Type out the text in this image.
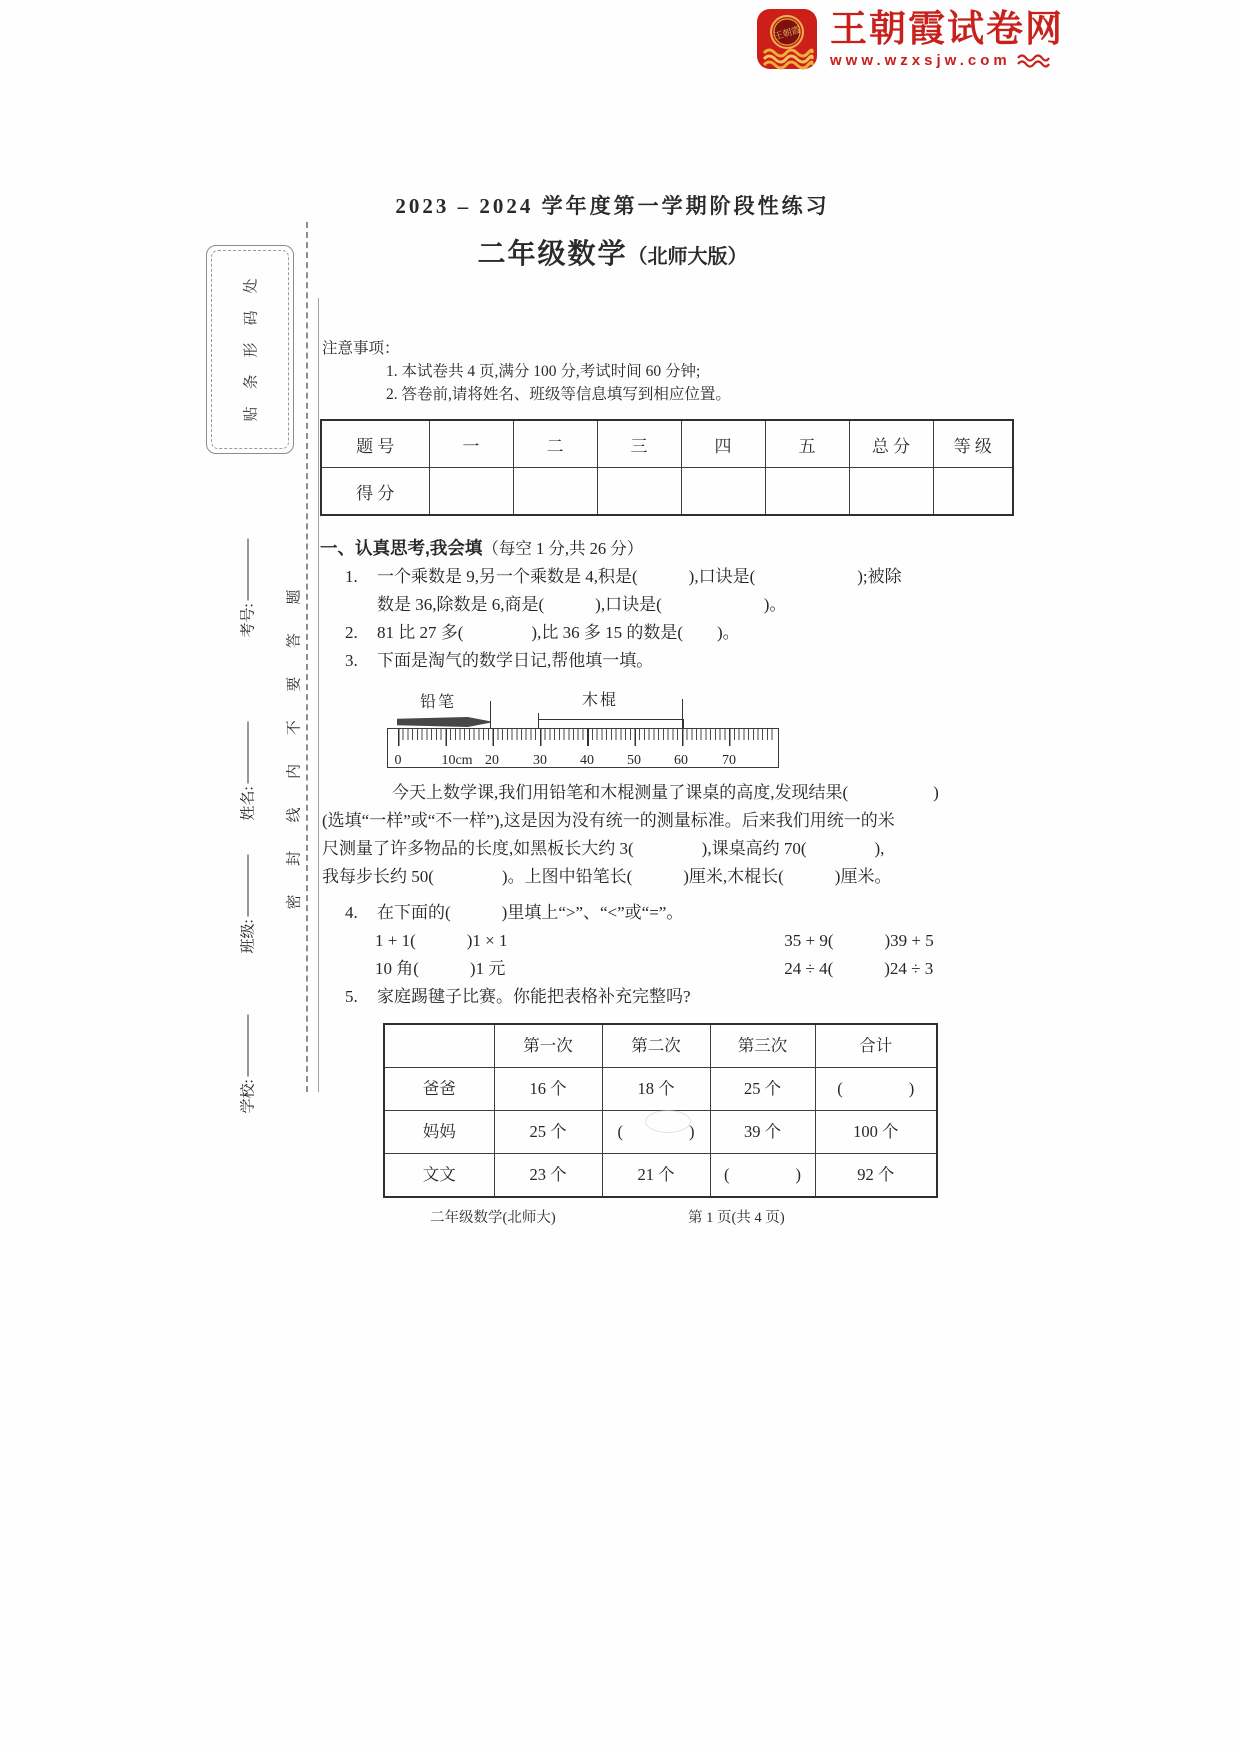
王朝霞 王朝霞试卷网
www.wzxsjw.com
贴条形码处
考号:
姓名:
班级:
学校:
密
封
线
内
不
要
答
题
2023 – 2024 学年度第一学期阶段性练习
二年级数学（北师大版）
注意事项：
1. 本试卷共 4 页,满分 100 分,考试时间 60 分钟;
2. 答卷前,请将姓名、班级等信息填写到相应位置。
题 号	一	二	三	四	五	总 分	等 级
得 分							
一、认真思考,我会填（每空 1 分,共 26 分）
1. 一个乘数是 9,另一个乘数是 4,积是(　　　),口诀是(　　　　　　);被除
数是 36,除数是 6,商是(　　　),口诀是(　　　　　　)。
2. 81 比 27 多(　　　　),比 36 多 15 的数是(　　)。
3. 下面是淘气的数学日记,帮他填一填。
铅笔	木棍
0	10cm 20 30 40 50 60 70
今天上数学课,我们用铅笔和木棍测量了课桌的高度,发现结果(　　　　　)
(选填“一样”或“不一样”),这是因为没有统一的测量标准。后来我们用统一的米
尺测量了许多物品的长度,如黑板长大约 3(　　　　),课桌高约 70(　　　　),
我每步长约 50(　　　　)。上图中铅笔长(　　　)厘米,木棍长(　　　)厘米。
4. 在下面的(　　　)里填上“>”、“<”或“=”。
1 + 1(　　　)1 × 1	35 + 9(　　　)39 + 5
10 角(　　　)1 元	24 ÷ 4(　　　)24 ÷ 3
5. 家庭踢毽子比赛。你能把表格补充完整吗?
	第一次	第二次	第三次	合计
爸爸	16 个	18 个	25 个	(　　　　)
妈妈	25 个	(　　　　)	39 个	100 个
文文	23 个	21 个	(　　　　)	92 个
二年级数学(北师大)	第 1 页(共 4 页)
